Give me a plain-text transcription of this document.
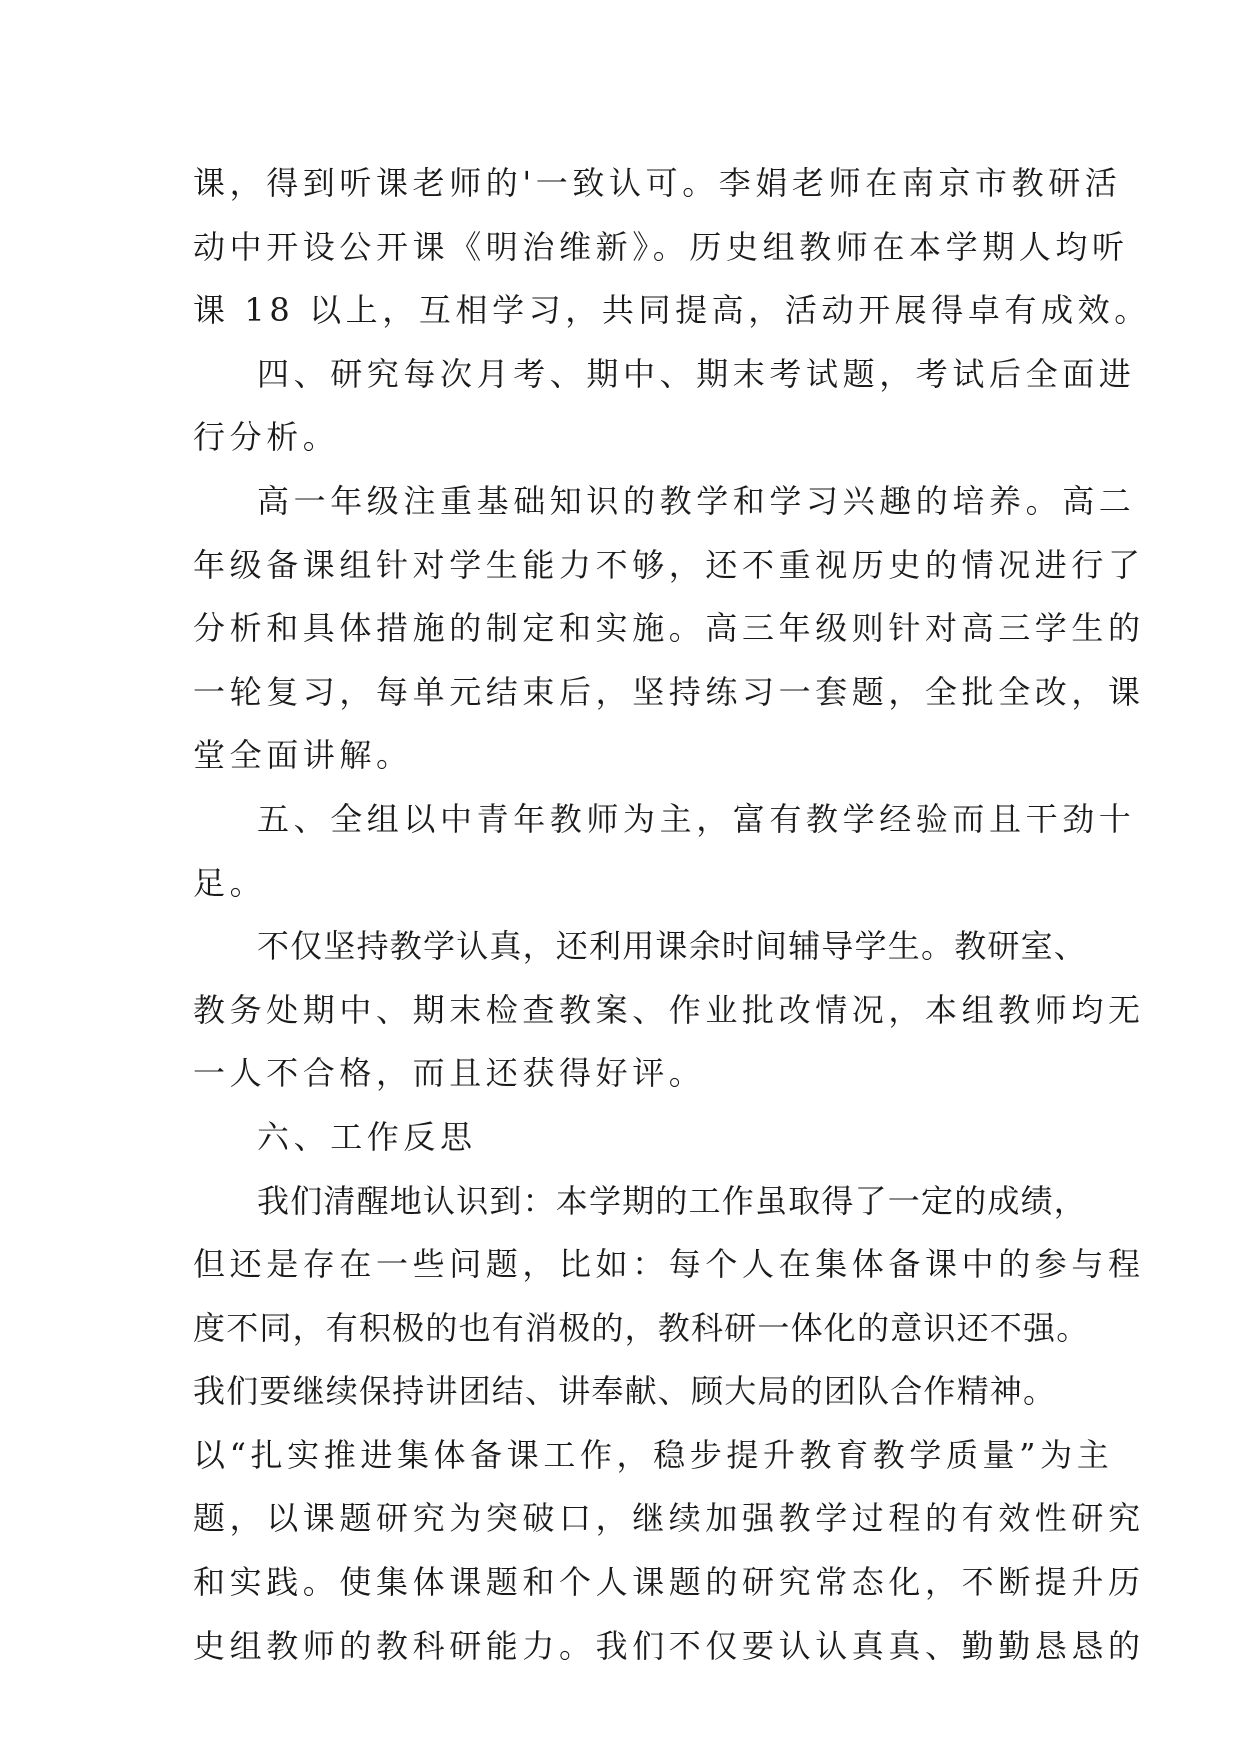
课，得到听课老师的'一致认可。李娟老师在南京市教研活
动中开设公开课《明治维新》。历史组教师在本学期人均听
课 18 以上，互相学习，共同提高，活动开展得卓有成效。
四、研究每次月考、期中、期末考试题，考试后全面进
行分析。
高一年级注重基础知识的教学和学习兴趣的培养。高二
年级备课组针对学生能力不够，还不重视历史的情况进行了
分析和具体措施的制定和实施。高三年级则针对高三学生的
一轮复习，每单元结束后，坚持练习一套题，全批全改，课
堂全面讲解。
五、全组以中青年教师为主，富有教学经验而且干劲十
足。
不仅坚持教学认真，还利用课余时间辅导学生。教研室、
教务处期中、期末检查教案、作业批改情况，本组教师均无
一人不合格，而且还获得好评。
六、工作反思
我们清醒地认识到：本学期的工作虽取得了一定的成绩，
但还是存在一些问题，比如：每个人在集体备课中的参与程
度不同，有积极的也有消极的，教科研一体化的意识还不强。
我们要继续保持讲团结、讲奉献、顾大局的团队合作精神。
以“扎实推进集体备课工作，稳步提升教育教学质量”为主
题，以课题研究为突破口，继续加强教学过程的有效性研究
和实践。使集体课题和个人课题的研究常态化，不断提升历
史组教师的教科研能力。我们不仅要认认真真、勤勤恳恳的
